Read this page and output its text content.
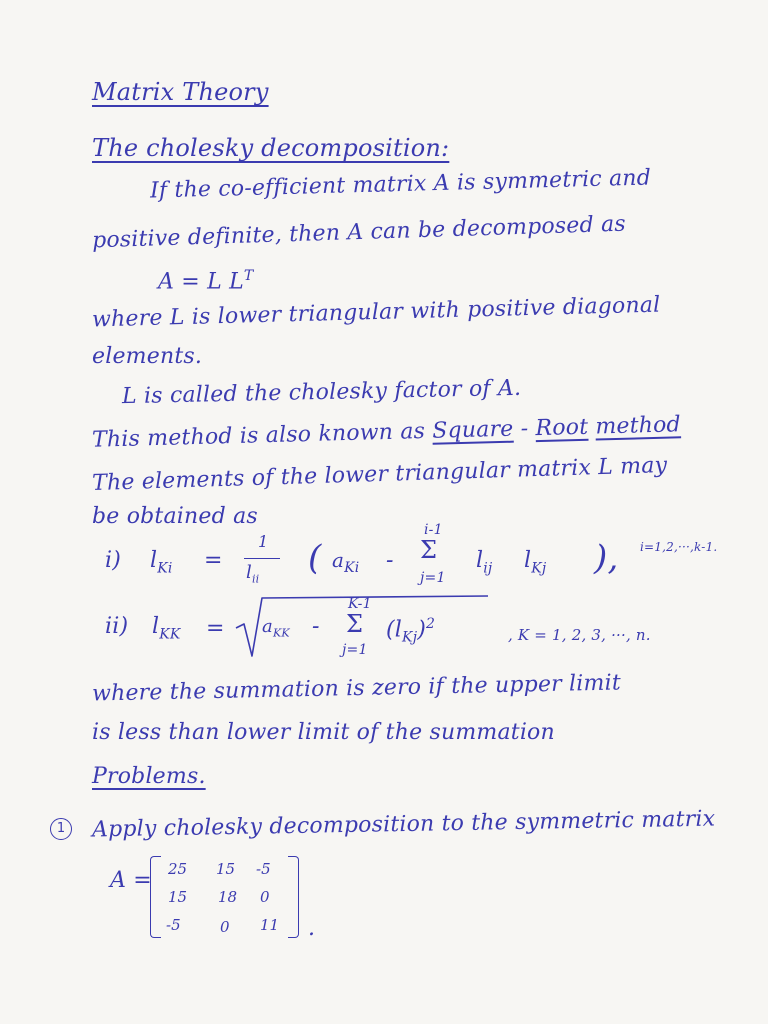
Matrix Theory
The cholesky decomposition:
If the co-efficient matrix A is symmetric and
positive definite, then A can be decomposed as
A = L $L^T$
where L is lower triangular with positive diagonal
elements.
L is called the cholesky factor of A.
This method is also known as Square - Root method
The elements of the lower triangular matrix L may
be obtained as
i) $l_{Ki}$ =
1
$l_{ii}$
( $a_{Ki}$ -
i-1
Σ
j=1
$l_{ij}$ $l_{Kj}$ ), i=1,2,···,k-1.
ii) $l_{KK} = a_{KK}$ -
K-1
Σ
j=1
$(l_{Kj})^2$
, K = 1, 2, 3, ···, n.
where the summation is zero if the upper limit
is less than lower limit of the summation
Problems.
1	Apply cholesky decomposition to the symmetric matrix
A = 25 15 -5
15 18 0
-5	0 11 .
